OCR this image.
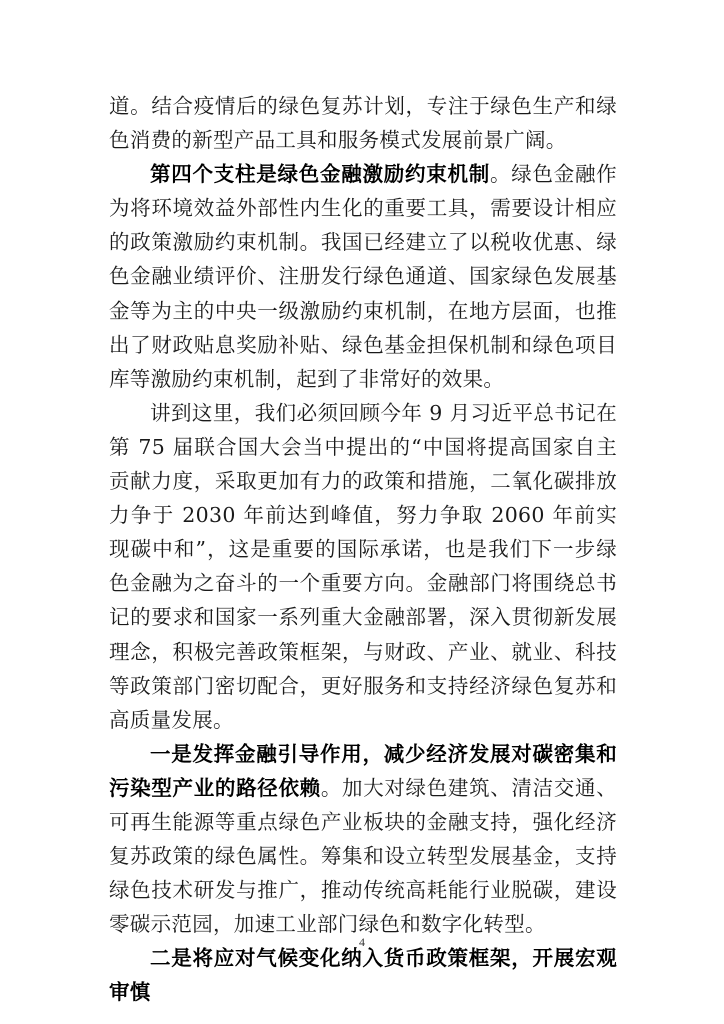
道。结合疫情后的绿色复苏计划，专注于绿色生产和绿色消费的新型产品工具和服务模式发展前景广阔。

第四个支柱是绿色金融激励约束机制。绿色金融作为将环境效益外部性内生化的重要工具，需要设计相应的政策激励约束机制。我国已经建立了以税收优惠、绿色金融业绩评价、注册发行绿色通道、国家绿色发展基金等为主的中央一级激励约束机制，在地方层面，也推出了财政贴息奖励补贴、绿色基金担保机制和绿色项目库等激励约束机制，起到了非常好的效果。

讲到这里，我们必须回顾今年 9 月习近平总书记在第 75 届联合国大会当中提出的“中国将提高国家自主贡献力度，采取更加有力的政策和措施，二氧化碳排放力争于 2030 年前达到峰值，努力争取 2060 年前实现碳中和”，这是重要的国际承诺，也是我们下一步绿色金融为之奋斗的一个重要方向。金融部门将围绕总书记的要求和国家一系列重大金融部署，深入贯彻新发展理念，积极完善政策框架，与财政、产业、就业、科技等政策部门密切配合，更好服务和支持经济绿色复苏和高质量发展。

一是发挥金融引导作用，减少经济发展对碳密集和污染型产业的路径依赖。加大对绿色建筑、清洁交通、可再生能源等重点绿色产业板块的金融支持，强化经济复苏政策的绿色属性。筹集和设立转型发展基金，支持绿色技术研发与推广，推动传统高耗能行业脱碳，建设零碳示范园，加速工业部门绿色和数字化转型。

二是将应对气候变化纳入货币政策框架，开展宏观审慎

4
